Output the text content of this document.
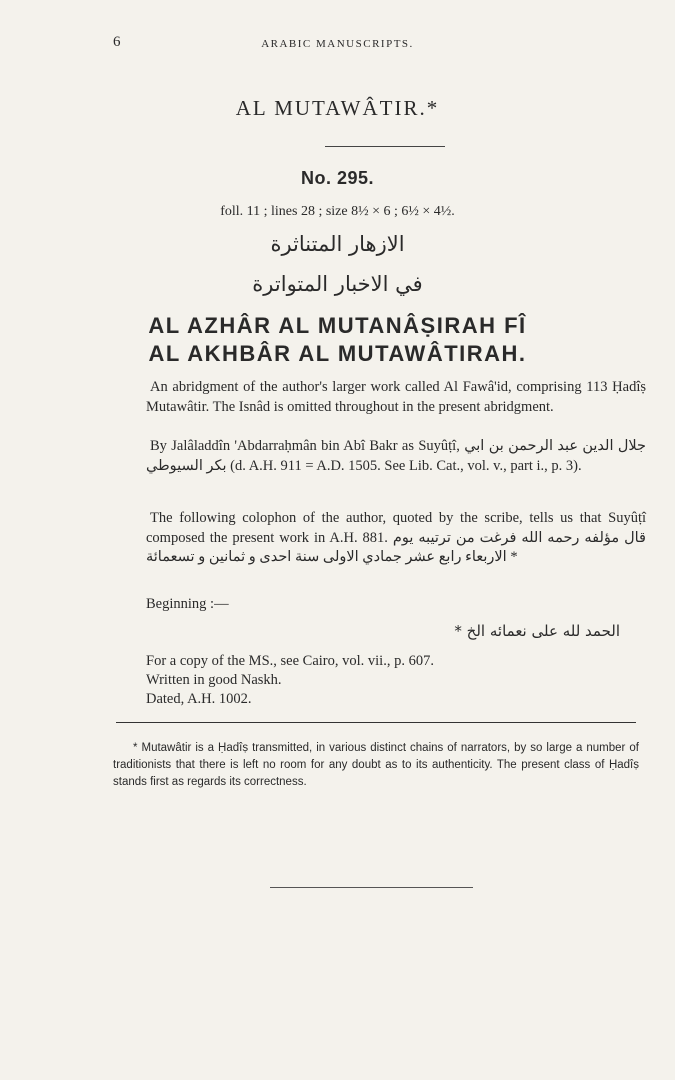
6	ARABIC MANUSCRIPTS.
AL MUTAWÂTIR.*
No. 295.
foll. 11 ; lines 28 ; size 8½ × 6 ; 6½ × 4½.
الازهار المتناثرة
في الاخبار المتواترة
AL AZHÂR AL MUTANÂṢIRAH FÎ
AL AKHBÂR AL MUTAWÂTIRAH.
An abridgment of the author's larger work called Al Fawâ'id, comprising 113 Ḥadîṣ Mutawâtir. The Isnâd is omitted throughout in the present abridgment.
By Jalâladdîn 'Abdarraḥmân bin Abî Bakr as Suyûṭî, جلال الدين عبد الرحمن بن ابي بكر السيوطي (d. A.H. 911 = A.D. 1505. See Lib. Cat., vol. v., part i., p. 3).
The following colophon of the author, quoted by the scribe, tells us that Suyûṭî composed the present work in A.H. 881. قال مؤلفه رحمه الله فرغت من ترتيبه يوم الاربعاء رابع عشر جمادي الاولى سنة احدى و ثمانين و تسعمائة *
Beginning :—
الحمد لله على نعمائه الخ *
For a copy of the MS., see Cairo, vol. vii., p. 607.
Written in good Naskh.
Dated, A.H. 1002.
* Mutawâtir is a Ḥadîṣ transmitted, in various distinct chains of narrators, by so large a number of traditionists that there is left no room for any doubt as to its authenticity. The present class of Ḥadîṣ stands first as regards its correctness.
